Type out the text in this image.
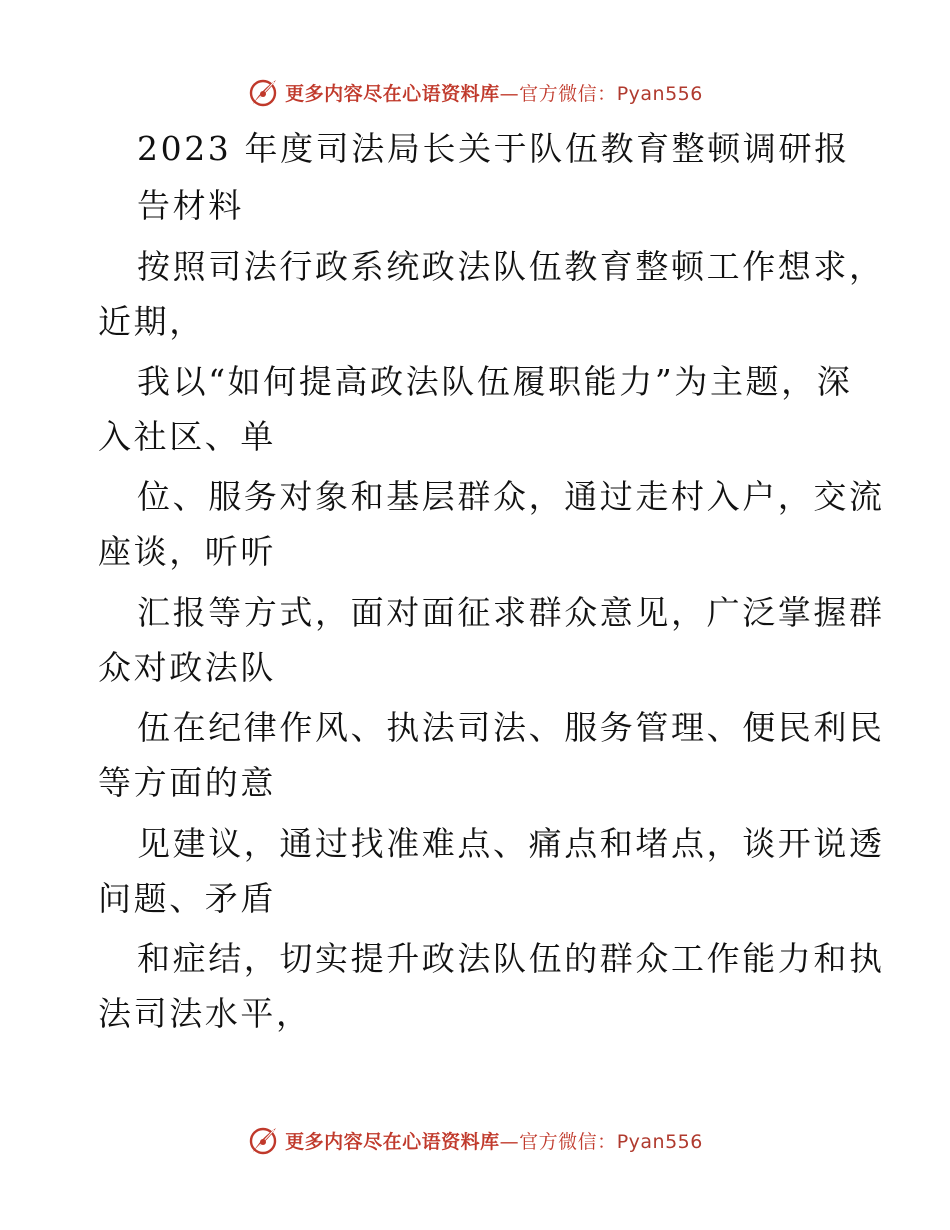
更多内容尽在心语资料库—官方微信：Pyan556
2023 年度司法局长关于队伍教育整顿调研报
告材料
按照司法行政系统政法队伍教育整顿工作想求，
近期，
我以“如何提高政法队伍履职能力”为主题，深
入社区、单
位、服务对象和基层群众，通过走村入户，交流
座谈，听听
汇报等方式，面对面征求群众意见，广泛掌握群
众对政法队
伍在纪律作风、执法司法、服务管理、便民利民
等方面的意
见建议，通过找准难点、痛点和堵点，谈开说透
问题、矛盾
和症结，切实提升政法队伍的群众工作能力和执
法司法水平，
更多内容尽在心语资料库—官方微信：Pyan556
